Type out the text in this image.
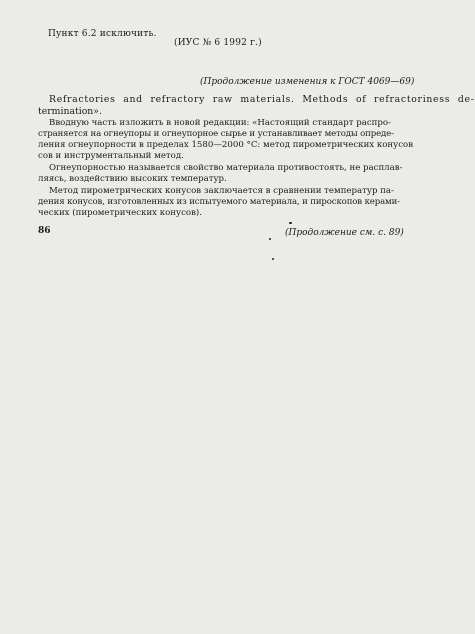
Пункт 6.2 исключить.
(ИУС № 6 1992 г.)
(Продолжение изменения к ГОСТ 4069—69)
Refractories and refractory raw materials. Methods of refractoriness de-
termination».
Вводную часть изложить в новой редакции: «Настоящий стандарт распро-
страняется на огнеупоры и огнеупорное сырье и устанавливает методы опреде-
ления огнеупорности в пределах 1580—2000 °С: метод пирометрических конусов
сов и инструментальный метод.
Огнеупорностью называется свойство материала противостоять, не расплав-
ляясь, воздействию высоких температур.
Метод пирометрических конусов заключается в сравнении температур па-
дения конусов, изготовленных из испытуемого материала, и пироскопов керами-
ческих (пирометрических конусов).
(Продолжение см. с. 89)
86
